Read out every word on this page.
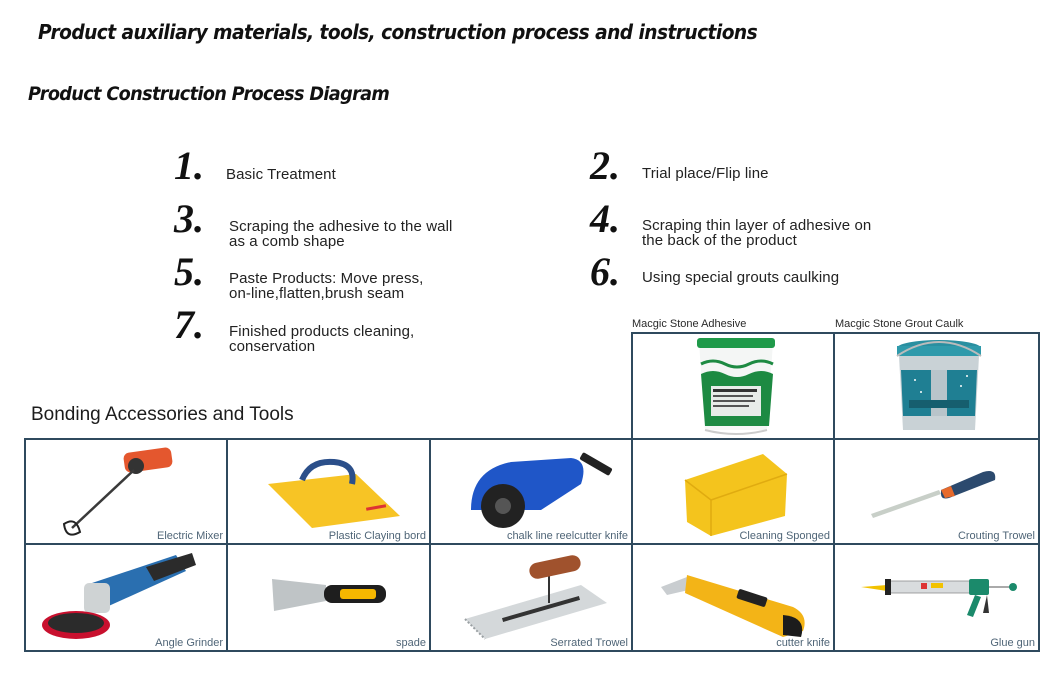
Product auxiliary materials, tools, construction process and instructions
Product Construction Process Diagram
1.	Basic Treatment	2.	Trial place/Flip line
3.	Scraping the adhesive to the wall
as a comb shape
4.	Scraping thin layer of adhesive on
the back of the product
5.	Paste Products: Move press,
on-line,flatten,brush seam	6.	Using special grouts caulking
7.	Finished products cleaning,
conservation
Macgic Stone Adhesive	Macgic Stone Grout Caulk
Bonding Accessories and Tools
Electric Mixer	Plastic Claying bord	chalk line reelcutter knife	Cleaning Sponged	Crouting Trowel
Angle Grinder	spade	Serrated Trowel	cutter knife	Glue gun
